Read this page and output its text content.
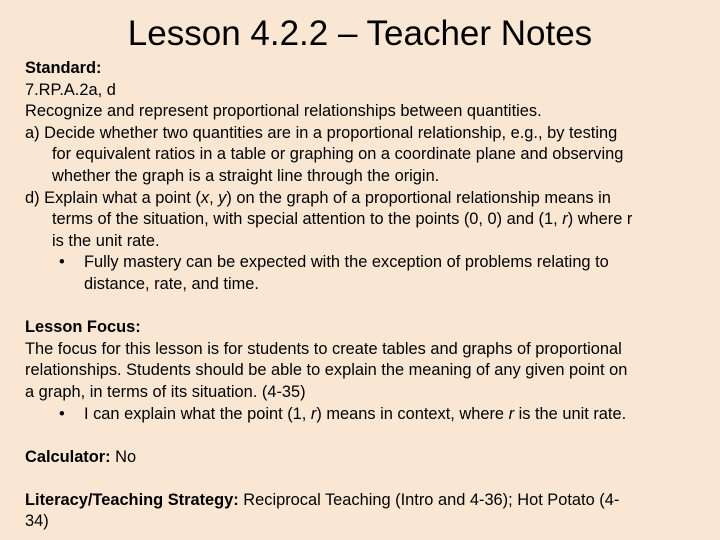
Lesson 4.2.2 – Teacher Notes
Standard:
7.RP.A.2a, d
Recognize and represent proportional relationships between quantities.
a) Decide whether two quantities are in a proportional relationship, e.g., by testing
for equivalent ratios in a table or graphing on a coordinate plane and observing
whether the graph is a straight line through the origin.
d) Explain what a point (x, y) on the graph of a proportional relationship means in
terms of the situation, with special attention to the points (0, 0) and (1, r) where r
is the unit rate.
•	Fully mastery can be expected with the exception of problems relating to
distance, rate, and time.
Lesson Focus:
The focus for this lesson is for students to create tables and graphs of proportional
relationships. Students should be able to explain the meaning of any given point on
a graph, in terms of its situation. (4-35)
•	I can explain what the point (1, r) means in context, where r is the unit rate.
Calculator: No
Literacy/Teaching Strategy: Reciprocal Teaching (Intro and 4-36); Hot Potato (4-
34)
